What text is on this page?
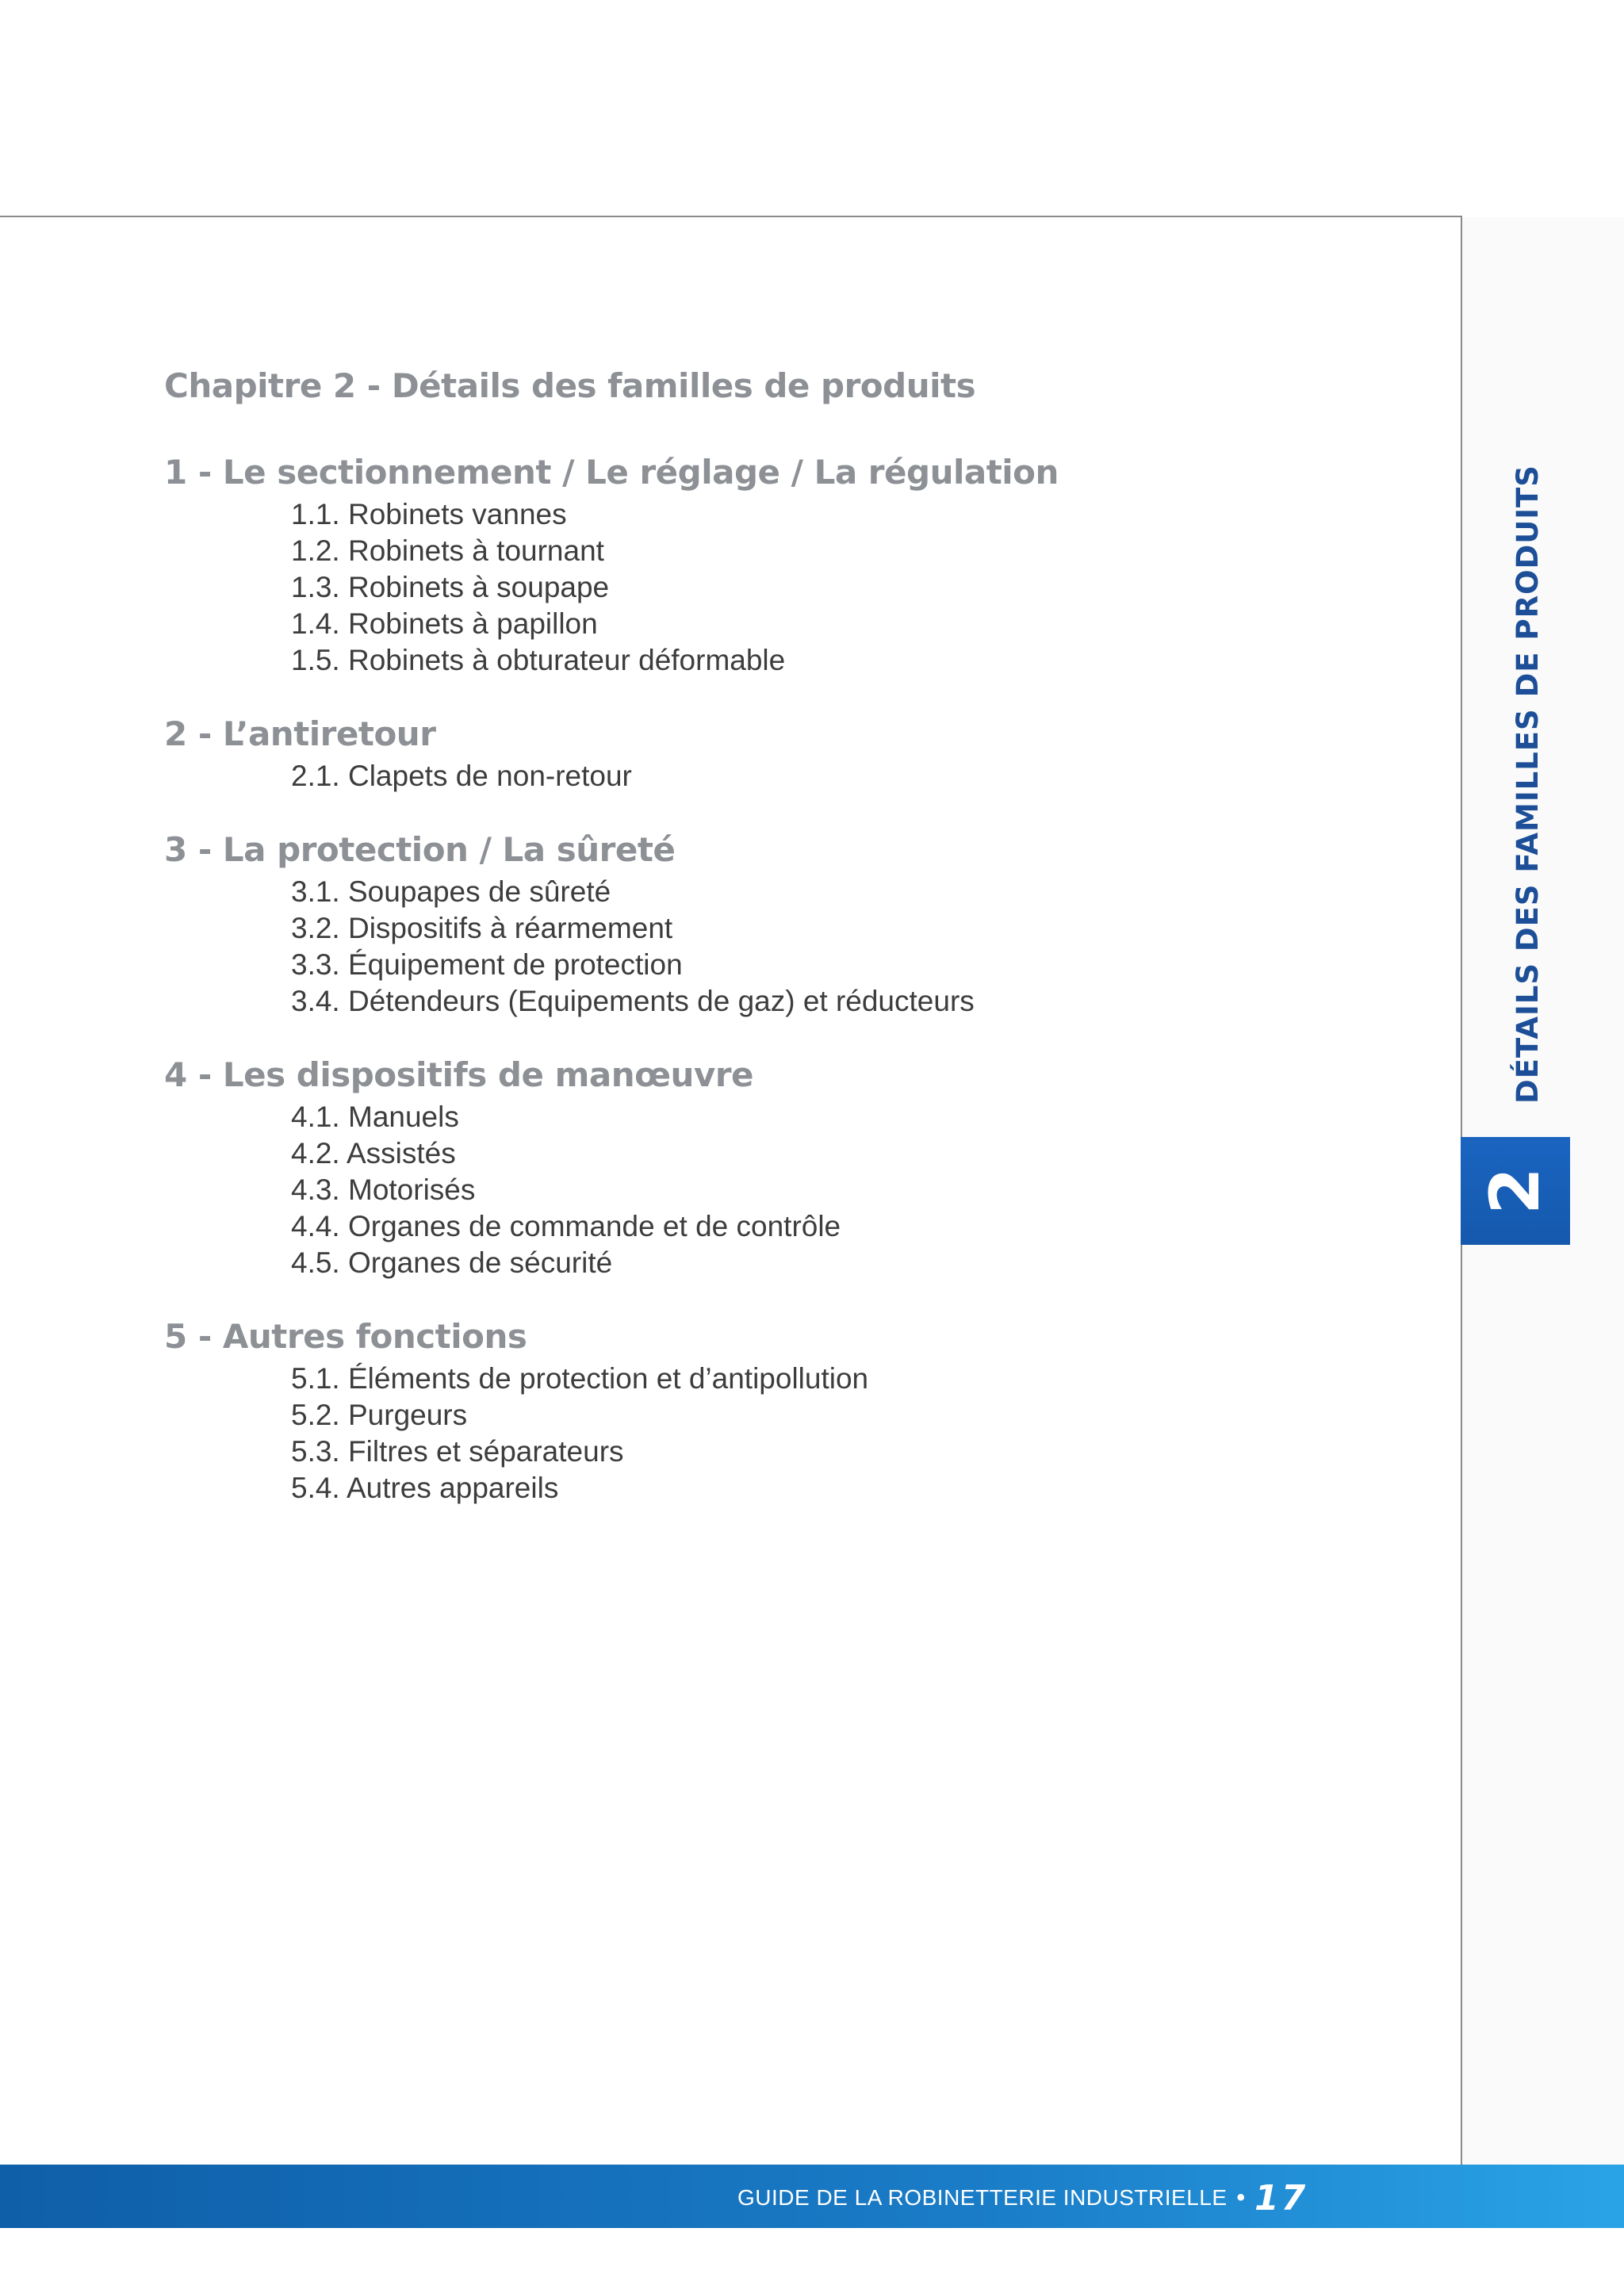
DÉTAILS DES FAMILLES DE PRODUITS
2
Chapitre 2 - Détails des familles de produits
1 - Le sectionnement / Le réglage / La régulation
1.1. Robinets vannes
1.2. Robinets à tournant
1.3. Robinets à soupape
1.4. Robinets à papillon
1.5. Robinets à obturateur déformable
2 - L’antiretour
2.1. Clapets de non-retour
3 - La protection / La sûreté
3.1. Soupapes de sûreté
3.2. Dispositifs à réarmement
3.3. Équipement de protection
3.4. Détendeurs (Equipements de gaz) et réducteurs
4 - Les dispositifs de manœuvre
4.1. Manuels
4.2. Assistés
4.3. Motorisés
4.4. Organes de commande et de contrôle
4.5. Organes de sécurité
5 - Autres fonctions
5.1. Éléments de protection et d’antipollution
5.2. Purgeurs
5.3. Filtres et séparateurs
5.4. Autres appareils
GUIDE DE LA ROBINETTERIE INDUSTRIELLE • 17
